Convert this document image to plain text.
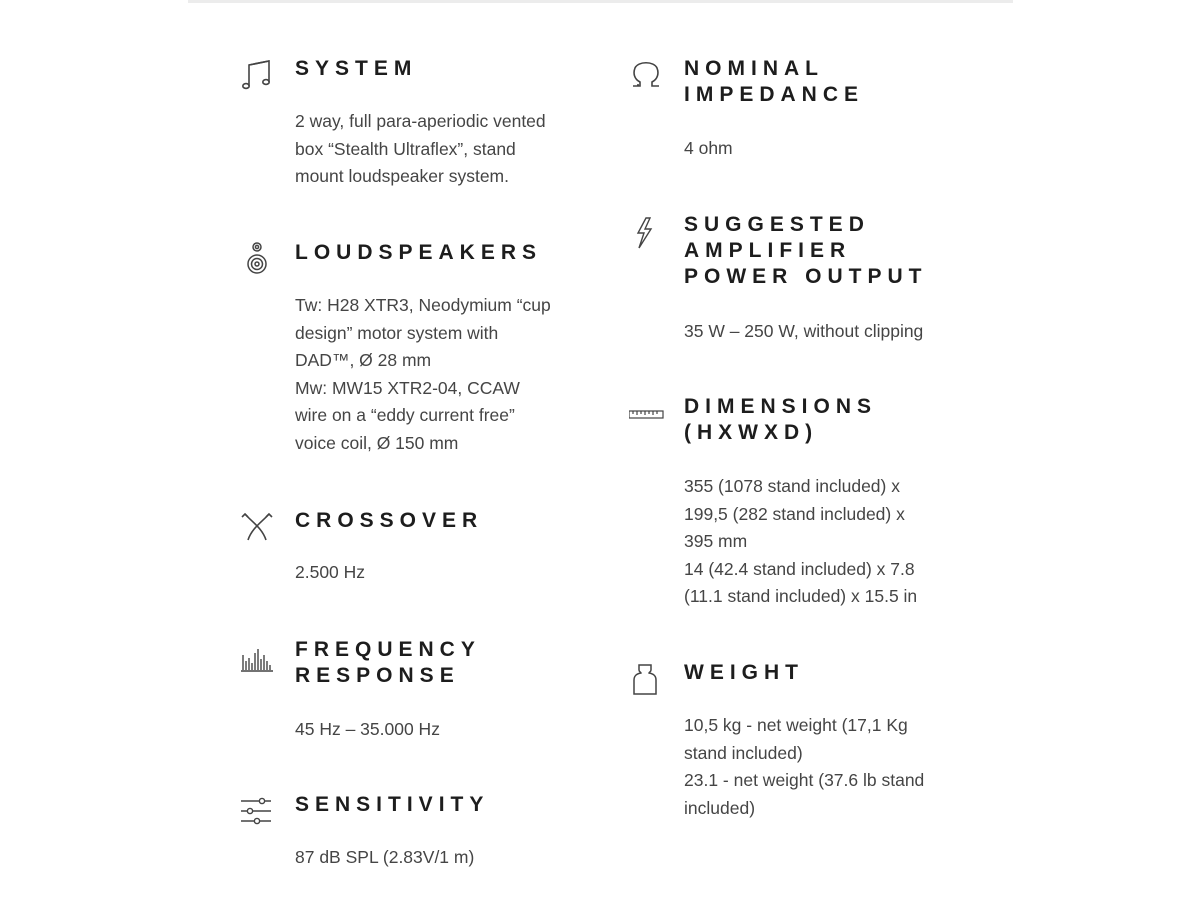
SYSTEM
2 way, full para-aperiodic vented
box “Stealth Ultraflex”, stand
mount loudspeaker system.
LOUDSPEAKERS
Tw: H28 XTR3, Neodymium “cup
design” motor system with
DAD™, Ø 28 mm
Mw: MW15 XTR2-04, CCAW
wire on a “eddy current free”
voice coil, Ø 150 mm
CROSSOVER
2.500 Hz
FREQUENCY
RESPONSE
45 Hz – 35.000 Hz
SENSITIVITY
87 dB SPL (2.83V/1 m)
NOMINAL
IMPEDANCE
4 ohm
SUGGESTED
AMPLIFIER
POWER OUTPUT
35 W – 250 W, without clipping
DIMENSIONS
(HXWXD)
355 (1078 stand included) x
199,5 (282 stand included) x
395 mm
14 (42.4 stand included) x 7.8
(11.1 stand included) x 15.5 in
WEIGHT
10,5 kg - net weight (17,1 Kg
stand included)
23.1 - net weight (37.6 lb stand
included)
